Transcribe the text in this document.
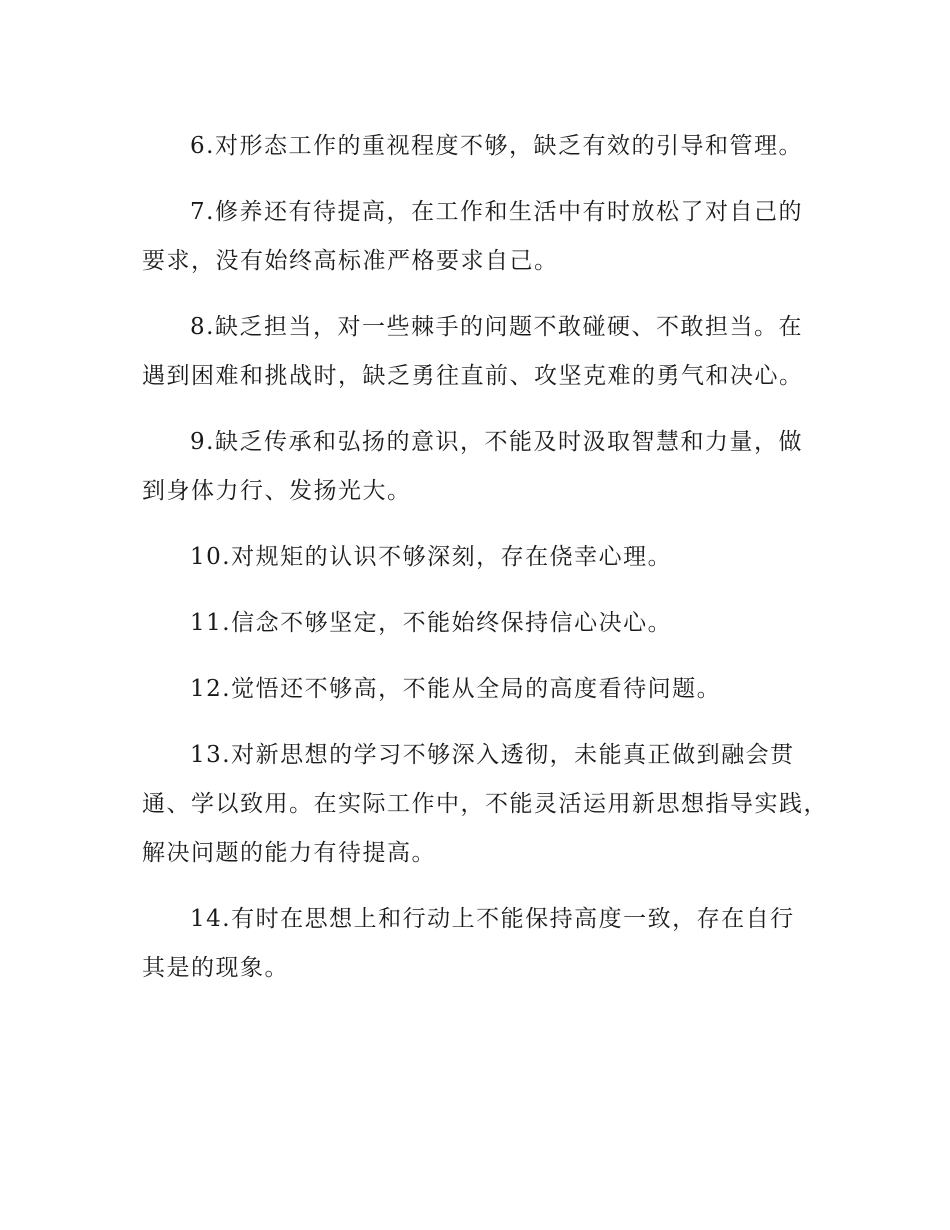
6.对形态工作的重视程度不够，缺乏有效的引导和管理。

7.修养还有待提高，在工作和生活中有时放松了对自己的
要求，没有始终高标准严格要求自己。

8.缺乏担当，对一些棘手的问题不敢碰硬、不敢担当。在
遇到困难和挑战时，缺乏勇往直前、攻坚克难的勇气和决心。

9.缺乏传承和弘扬的意识，不能及时汲取智慧和力量，做
到身体力行、发扬光大。

10.对规矩的认识不够深刻，存在侥幸心理。

11.信念不够坚定，不能始终保持信心决心。

12.觉悟还不够高，不能从全局的高度看待问题。

13.对新思想的学习不够深入透彻，未能真正做到融会贯
通、学以致用。在实际工作中，不能灵活运用新思想指导实践，
解决问题的能力有待提高。

14.有时在思想上和行动上不能保持高度一致，存在自行
其是的现象。
